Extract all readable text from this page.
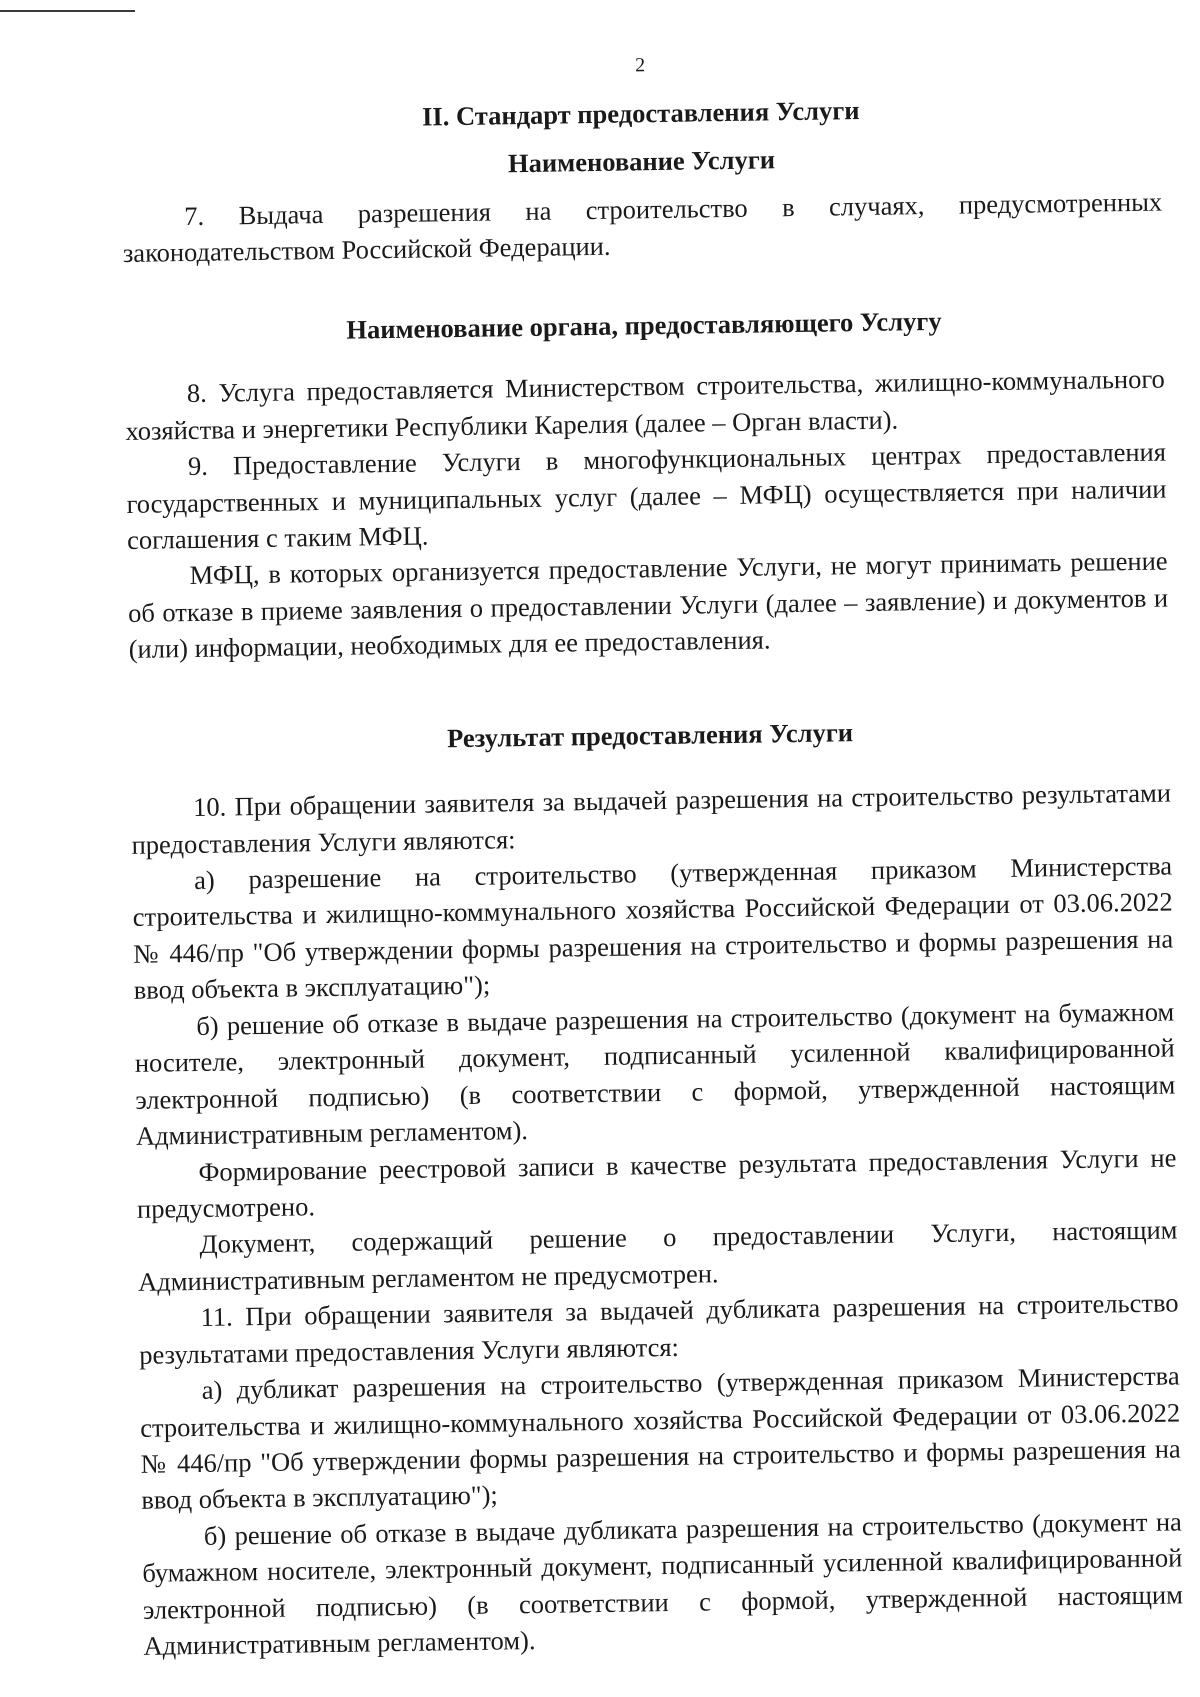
2
II. Стандарт предоставления Услуги
Наименование Услуги

7. Выдача разрешения на строительство в случаях, предусмотренных законодательством Российской Федерации.

Наименование органа, предоставляющего Услугу

8. Услуга предоставляется Министерством строительства, жилищно-коммунального хозяйства и энергетики Республики Карелия (далее – Орган власти).

9. Предоставление Услуги в многофункциональных центрах предоставления государственных и муниципальных услуг (далее – МФЦ) осуществляется при наличии соглашения с таким МФЦ.

МФЦ, в которых организуется предоставление Услуги, не могут принимать решение об отказе в приеме заявления о предоставлении Услуги (далее – заявление) и документов и (или) информации, необходимых для ее предоставления.

Результат предоставления Услуги

10. При обращении заявителя за выдачей разрешения на строительство результатами предоставления Услуги являются:

а) разрешение на строительство (утвержденная приказом Министерства строительства и жилищно-коммунального хозяйства Российской Федерации от 03.06.2022 № 446/пр "Об утверждении формы разрешения на строительство и формы разрешения на ввод объекта в эксплуатацию");

б) решение об отказе в выдаче разрешения на строительство (документ на бумажном носителе, электронный документ, подписанный усиленной квалифицированной электронной подписью) (в соответствии с формой, утвержденной настоящим Административным регламентом).

Формирование реестровой записи в качестве результата предоставления Услуги не предусмотрено.

Документ, содержащий решение о предоставлении Услуги, настоящим Административным регламентом не предусмотрен.

11. При обращении заявителя за выдачей дубликата разрешения на строительство результатами предоставления Услуги являются:

а) дубликат разрешения на строительство (утвержденная приказом Министерства строительства и жилищно-коммунального хозяйства Российской Федерации от 03.06.2022 № 446/пр "Об утверждении формы разрешения на строительство и формы разрешения на ввод объекта в эксплуатацию");

б) решение об отказе в выдаче дубликата разрешения на строительство (документ на бумажном носителе, электронный документ, подписанный усиленной квалифицированной электронной подписью) (в соответствии с формой, утвержденной настоящим Административным регламентом).
